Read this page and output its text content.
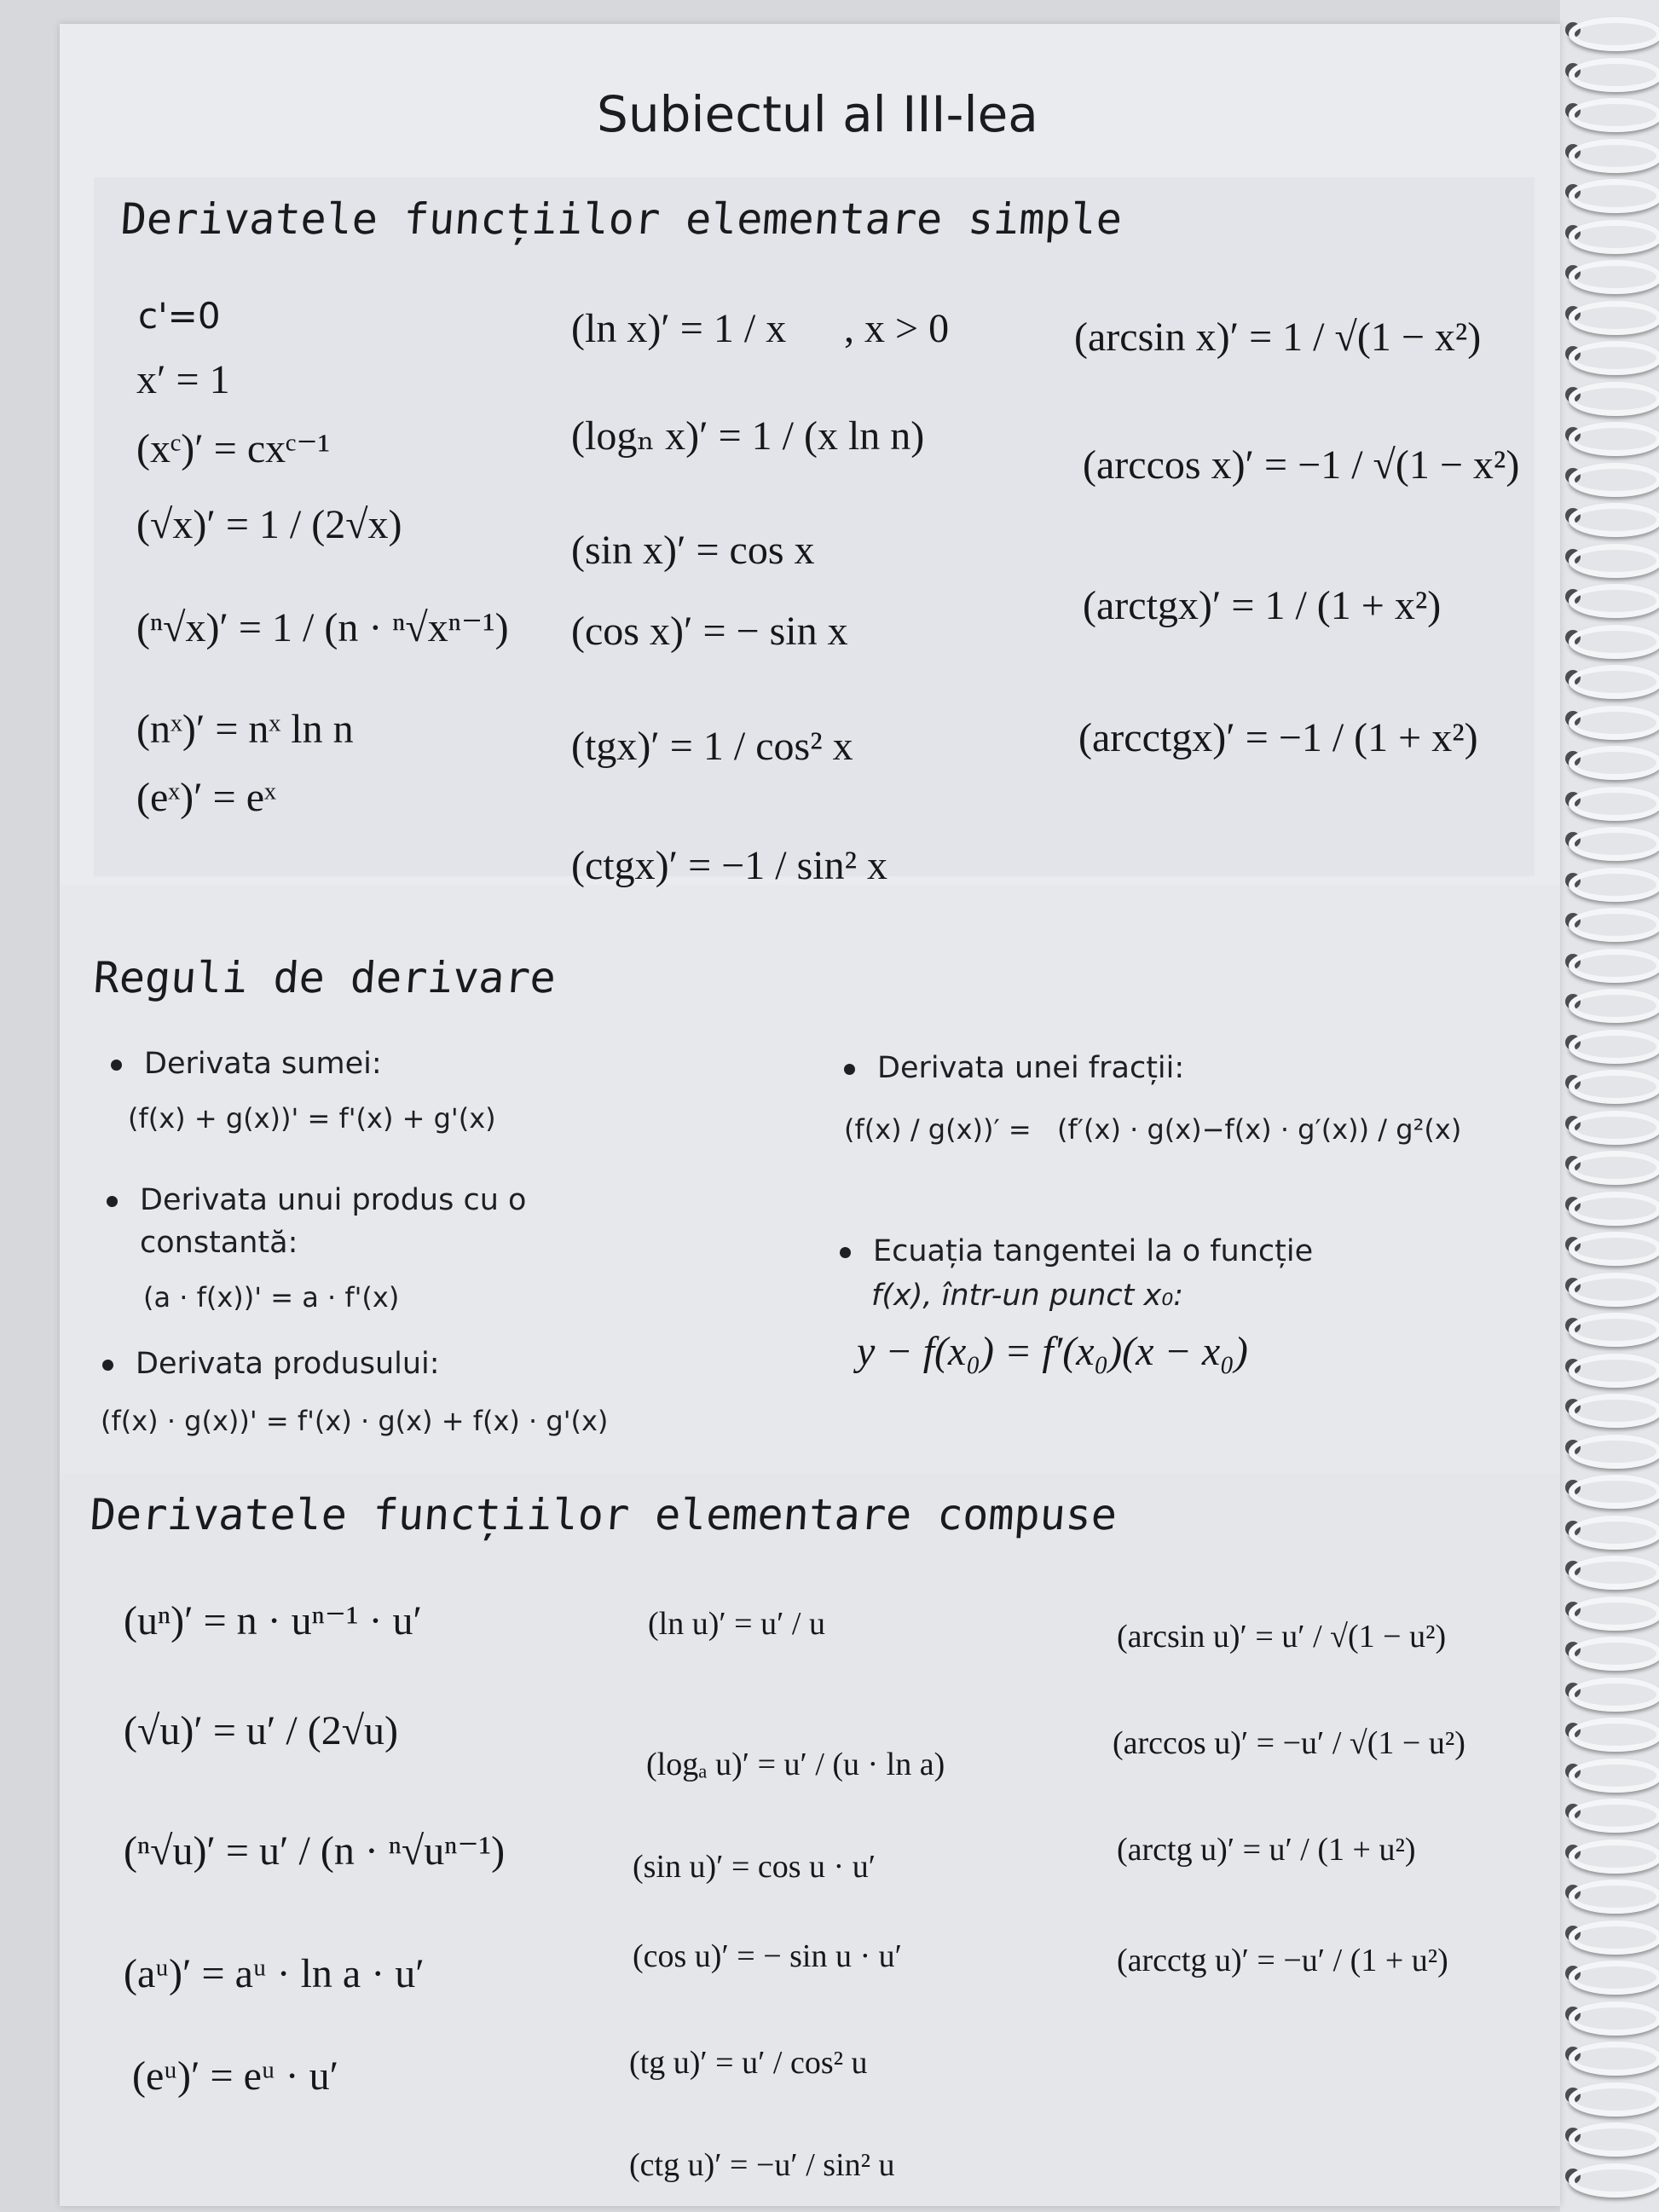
Subiectul al III-lea
Derivatele funcțiilor elementare simple
c'=0
x′ = 1
(xᶜ)′ = cxᶜ⁻¹
(√x)′ = 1 / (2√x)
(ⁿ√x)′ = 1 / (n · ⁿ√xⁿ⁻¹)
(nˣ)′ = nˣ ln n
(eˣ)′ = eˣ
(ln x)′ = 1 / x , x > 0
(logₙ x)′ = 1 / (x ln n)
(sin x)′ = cos x
(cos x)′ = − sin x
(tgx)′ = 1 / cos² x
(ctgx)′ = −1 / sin² x
(arcsin x)′ = 1 / √(1 − x²)
(arccos x)′ = −1 / √(1 − x²)
(arctgx)′ = 1 / (1 + x²)
(arcctgx)′ = −1 / (1 + x²)
Reguli de derivare
Derivata sumei:
(f(x) + g(x))' = f'(x) + g'(x)
Derivata unui produs cu o
constantă:
(a · f(x))' = a · f'(x)
Derivata produsului:
(f(x) · g(x))' = f'(x) · g(x) + f(x) · g'(x)
Derivata unei fracții:
(f(x) / g(x))′ = (f′(x) · g(x)−f(x) · g′(x)) / g²(x)
Ecuația tangentei la o funcție
f(x), într-un punct x₀:
y − f(x₀) = f′(x₀)(x − x₀)
Derivatele funcțiilor elementare compuse
(uⁿ)′ = n · uⁿ⁻¹ · u′
(√u)′ = u′ / (2√u)
(ⁿ√u)′ = u′ / (n · ⁿ√uⁿ⁻¹)
(aᵘ)′ = aᵘ · ln a · u′
(eᵘ)′ = eᵘ · u′
(ln u)′ = u′ / u
(logₐ u)′ = u′ / (u · ln a)
(sin u)′ = cos u · u′
(cos u)′ = − sin u · u′
(tg u)′ = u′ / cos² u
(ctg u)′ = −u′ / sin² u
(arcsin u)′ = u′ / √(1 − u²)
(arccos u)′ = −u′ / √(1 − u²)
(arctg u)′ = u′ / (1 + u²)
(arcctg u)′ = −u′ / (1 + u²)
